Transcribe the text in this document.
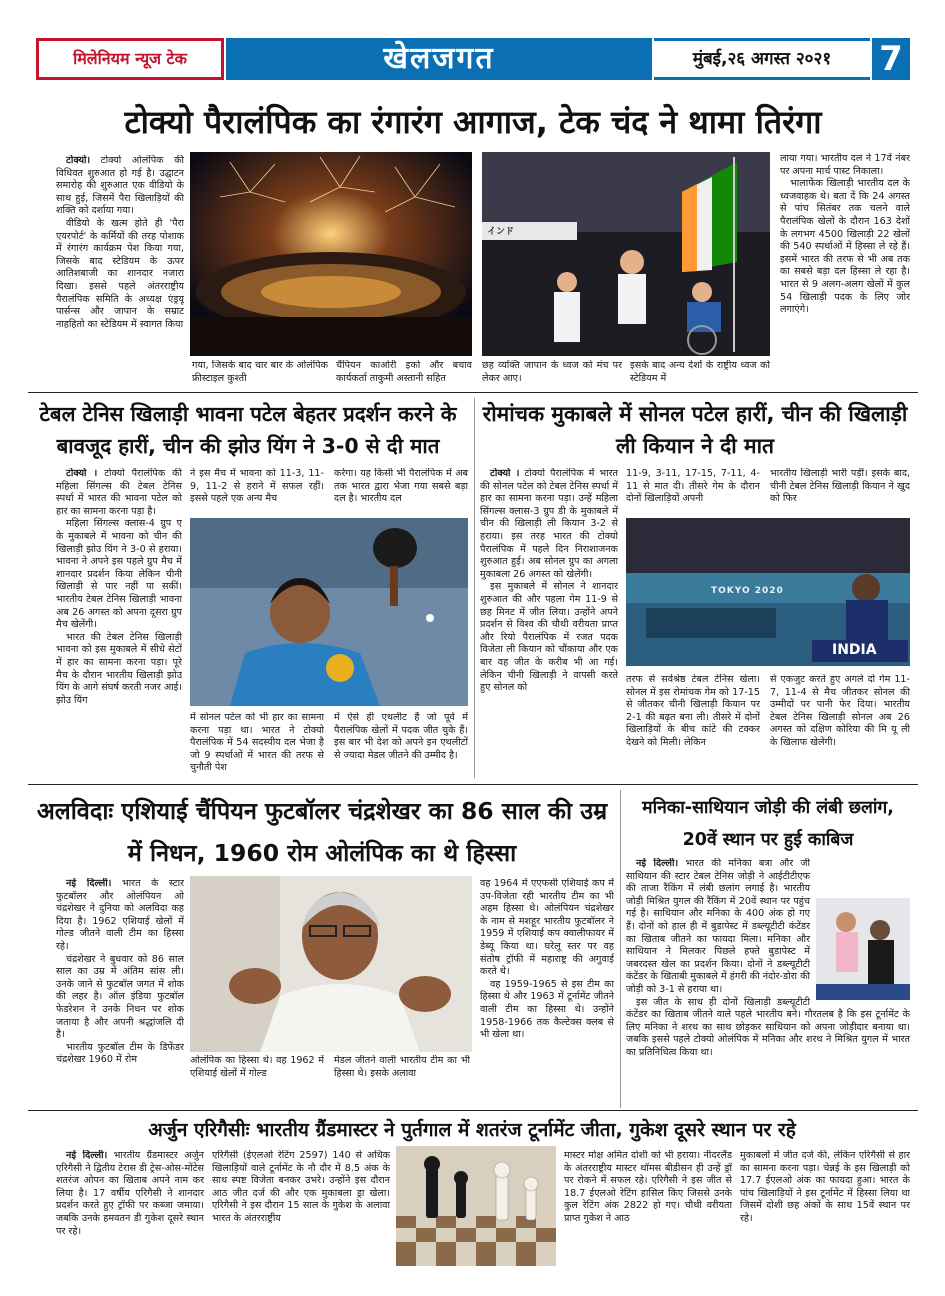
मिलेनियम न्यूज टेक	खेलजगत	मुंबई,२६ अगस्त २०२१	7
टोक्यो पैरालंपिक का रंगारंग आगाज, टेक चंद ने थामा तिरंगा

टोक्यो। टोक्यो ओलंपिक की विधिवत शुरुआत हो गई है। उद्घाटन समारोह की शुरुआत एक वीडियो के साथ हुई, जिसमें पैरा खिलाड़ियों की शक्ति को दर्शाया गया।

वीडियो के खत्म होते ही 'पैरा एयरपोर्ट' के कर्मियों की तरह पोशाक में रंगारंग कार्यक्रम पेश किया गया, जिसके बाद स्टेडियम के ऊपर आतिशबाजी का शानदार नजारा दिखा। इससे पहले अंतरराष्ट्रीय पैरालंपिक समिति के अध्यक्ष एंड्रयू पार्सन्स और जापान के सम्राट नाहहितो का स्टेडियम में स्वागत किया

गया, जिसके बाद चार बार के ओलंपिक फ्रीस्टाइल कुश्ती
चैंपियन काओरी इको और बचाव कार्यकर्ता ताकुमी अस्तानी सहित
インド
छह व्यक्ति जापान के ध्वज को मंच पर लेकर आए।
इसके बाद अन्य देशों के राष्ट्रीय ध्वज को स्टेडियम में

लाया गया। भारतीय दल ने 17वें नंबर पर अपना मार्च पास्ट निकाला।

भालाफेंक खिलाड़ी भारतीय दल के ध्वजवाहक थे। बता दें कि 24 अगस्त से पांच सितंबर तक चलने वाले पैरालंपिक खेलों के दौरान 163 देशों के लगभग 4500 खिलाड़ी 22 खेलों की 540 स्पर्धाओं में हिस्सा ले रहे हैं। इसमें भारत की तरफ से भी अब तक का सबसे बड़ा दल हिस्सा ले रहा है। भारत से 9 अलग-अलग खेलों में कुल 54 खिलाड़ी पदक के लिए जोर लगाएंगे।

टेबल टेनिस खिलाड़ी भावना पटेल बेहतर प्रदर्शन करने के बावजूद हारीं, चीन की झोउ यिंग ने 3-0 से दी मात

टोक्यो । टोक्यो पैरालंपिक की महिला सिंगल्स की टेबल टेनिस स्पर्धा में भारत की भावना पटेल को हार का सामना करना पड़ा है।

महिला सिंगल्स क्लास-4 ग्रुप ए के मुकाबले में भावना को चीन की खिलाड़ी झोउ यिंग ने 3-0 से हराया। भावना ने अपने इस पहले ग्रुप मैच में शानदार प्रदर्शन किया लेकिन चीनी खिलाड़ी से पार नहीं पा सकीं। भारतीय टेबल टेनिस खिलाड़ी भावना अब 26 अगस्त को अपना दूसरा ग्रुप मैच खेलेंगी।

भारत की टेबल टेनिस खिलाड़ी भावना को इस मुकाबले में सीधे सेटों में हार का सामना करना पड़ा। पूरे मैच के दौरान भारतीय खिलाड़ी झोउ यिंग के आगे संघर्ष करती नजर आई। झोउ यिंग

ने इस मैच में भावना को 11-3, 11-9, 11-2 से हराने में सफल रहीं। इससे पहले एक अन्य मैच
करेगा। यह किसी भी पैरालंपिक में अब तक भारत द्वारा भेजा गया सबसे बड़ा दल है। भारतीय दल
में सोनल पटेल को भी हार का सामना करना पड़ा था। भारत ने टोक्यो पैरालंपिक में 54 सदस्यीय दल भेजा है जो 9 स्पर्धाओं में भारत की तरफ से चुनौती पेश
में ऐसे ही एथलीट हैं जो पूर्व में पैरालंपिक खेलों में पदक जीत चुके हैं। इस बार भी देश को अपने इन एथलीटों से ज्यादा मेडल जीतने की उम्मीद है।
रोमांचक मुकाबले में सोनल पटेल हारीं, चीन की खिलाड़ी ली कियान ने दी मात

टोक्यो । टोक्यो पैरालंपिक में भारत की सोनल पटेल को टेबल टेनिस स्पर्धा में हार का सामना करना पड़ा। उन्हें महिला सिंगल्स क्लास-3 ग्रुप डी के मुकाबले में चीन की खिलाड़ी ली कियान 3-2 से हराया। इस तरह भारत की टोक्यो पैरालंपिक में पहले दिन निराशाजनक शुरुआत हुई। अब सोनल ग्रुप का अगला मुकाबला 26 अगस्त को खेलेंगी।

इस मुकाबले में सोनल ने शानदार शुरुआत की और पहला गेम 11-9 से छह मिनट में जीत लिया। उन्होंने अपने प्रदर्शन से विश्व की चौथी वरीयता प्राप्त और रियो पैरालंपिक में रजत पदक विजेता ली कियान को चौंकाया और एक बार वह जीत के करीब भी आ गई। लेकिन चीनी खिलाड़ी ने वापसी करते हुए सोनल को

11-9, 3-11, 17-15, 7-11, 4-11 से मात दी। तीसरे गेम के दौरान दोनों खिलाड़ियों अपनी
भारतीय खिलाड़ी भारी पड़ीं। इसके बाद, चीनी टेबल टेनिस खिलाड़ी कियान ने खुद को फिर
TOKYO 2020
INDIA
तरफ से सर्वश्रेष्ठ टेबल टेनिस खेला। सोनल में इस रोमांचक गेम को 17-15 से जीतकर चीनी खिलाड़ी कियान पर 2-1 की बढ़त बना ली। तीसरे में दोनों खिलाड़ियों के बीच कांटे की टक्कर देखने को मिली। लेकिन
से एकजुट करते हुए अगले दो गेम 11-7, 11-4 से मैच जीतकर सोनल की उम्मीदों पर पानी फेर दिया। भारतीय टेबल टेनिस खिलाड़ी सोनल अब 26 अगस्त को दक्षिण कोरिया की मि यू ली के खिलाफ खेलेंगी।
अलविदाः एशियाई चैंपियन फुटबॉलर चंद्रशेखर का 86 साल की उम्र में निधन, 1960 रोम ओलंपिक का थे हिस्सा

नई दिल्ली। भारत के स्टार फुटबॉलर और ओलंपियन ओ चंद्रशेखर ने दुनिया को अलविदा कह दिया है। 1962 एशियाई खेलों में गोल्ड जीतने वाली टीम का हिस्सा रहे।

चंद्रशेखर ने बुधवार को 86 साल साल का उम्र में अंतिम सांस ली। उनके जाने से फुटबॉल जगत में शोक की लहर है। ऑल इंडिया फुटबॉल फेडरेशन ने उनके निधन पर शोक जताया है और अपनी श्रद्धांजलि दी है।

भारतीय फुटबॉल टीम के डिफेंडर चंद्रशेखर 1960 में रोम	ओलंपिक का हिस्सा थे। वह 1962 में एशियाई खेलों में गोल्ड
मेडल जीतने वाली भारतीय टीम का भी हिस्सा थे। इसके अलावा

वह 1964 में एएफसी एशियाई कप में उप-विजेता रही भारतीय टीम का भी अहम हिस्सा थे। ओलंपियन चंद्रशेखर के नाम से मशहूर भारतीय फुटबॉलर ने 1959 में एशियाई कप क्वालीफायर में डेब्यू किया था। घरेलू स्तर पर वह संतोष ट्रॉफी में महाराष्ट्र की अगुवाई करते थे।

वह 1959-1965 से इस टीम का हिस्सा थे और 1963 में टूर्नामेंट जीतने वाली टीम का हिस्सा थे। उन्होंने 1958-1966 तक कैल्टेक्स क्लब से भी खेला था।

मनिका-साथियान जोड़ी की लंबी छलांग, 20वें स्थान पर हुई काबिज

नई दिल्ली। भारत की मनिका बत्रा और जी साथियान की स्टार टेबल टेनिस जोड़ी ने आईटीटीएफ की ताजा रैंकिंग में लंबी छलांग लगाई है। भारतीय जोड़ी मिश्रित युगल की रैंकिंग में 20वें स्थान पर पहुंच गई है। साथियान और मनिका के 400 अंक हो गए हैं। दोनों को हाल ही में बुडापेस्ट में डब्ल्यूटीटी कंटेंडर का खिताब जीतने का फायदा मिला। मनिका और साथियान ने मिलकर पिछले हफ्ते बुडापेस्ट में जबरदस्त खेल का प्रदर्शन किया। दोनों ने डब्ल्यूटीटी कंटेंडर के खिताबी मुकाबले में हंगरी की नंदोर-डोरा की जोड़ी को 3-1 से हराया था।

इस जीत के साथ ही दोनों खिलाड़ी डब्ल्यूटीटी कंटेंडर का खिताब जीतने वाले पहले भारतीय बने। गौरतलब है कि इस टूर्नामेंट के लिए मनिका ने शरथ का साथ छोड़कर साथियान को अपना जोड़ीदार बनाया था।जबकि इससे पहले टोक्यो ओलंपिक में मनिका और शरथ ने मिश्रित युगल में भारत का प्रतिनिधित्व किया था।

अर्जुन एरिगैसीः भारतीय ग्रैंडमास्टर ने पुर्तगाल में शतरंज टूर्नामेंट जीता, गुकेश दूसरे स्थान पर रहे

नई दिल्ली। भारतीय ग्रैंडमास्टर अर्जुन एरिगैसी ने द्वितीय टेरास डी ट्रेस-ओस-मोंटेस शतरंज ओपन का खिताब अपने नाम कर लिया है। 17 वर्षीय एरिगैसी ने शानदार प्रदर्शन करते हुए ट्रॉफी पर कब्जा जमाया। जबकि उनके हमवतन डी गुकेश दूसरे स्थान पर रहे।

एरिगैसी (ईएलओ रेटिंग 2597) 140 से अधिक खिलाड़ियों वाले टूर्नामेंट के नौ दौर में 8.5 अंक के साथ स्पष्ट विजेता बनकर उभरे। उन्होंने इस दौरान आठ जीत दर्ज की और एक मुकाबला ड्रा खेला। एरिगैसी ने इस दौरान 15 साल के गुकेश के अलावा भारत के अंतरराष्ट्रीय

मास्टर मोक्ष अमित दोशी को भी हराया। नीदरलैंड के अंतरराष्ट्रीय मास्टर थॉमस बीडीसन ही उन्हें ड्रॉ पर रोकने में सफल रहे। एरिगैसी ने इस जीत से 18.7 ईएलओ रेटिंग हासिल किए जिससे उनके कुल रेटिंग अंक 2822 हो गए। चौथी वरीयता प्राप्त गुकेश ने आठ

मुकाबलों में जीत दर्ज की, लेकिन एरिगैसी से हार का सामना करना पड़ा। चेन्नई के इस खिलाड़ी को 17.7 ईएलओ अंक का फायदा हुआ। भारत के पांच खिलाड़ियों ने इस टूर्नामेंट में हिस्सा लिया था जिसमें दोशी छह अंकों के साथ 15वें स्थान पर रहे।
